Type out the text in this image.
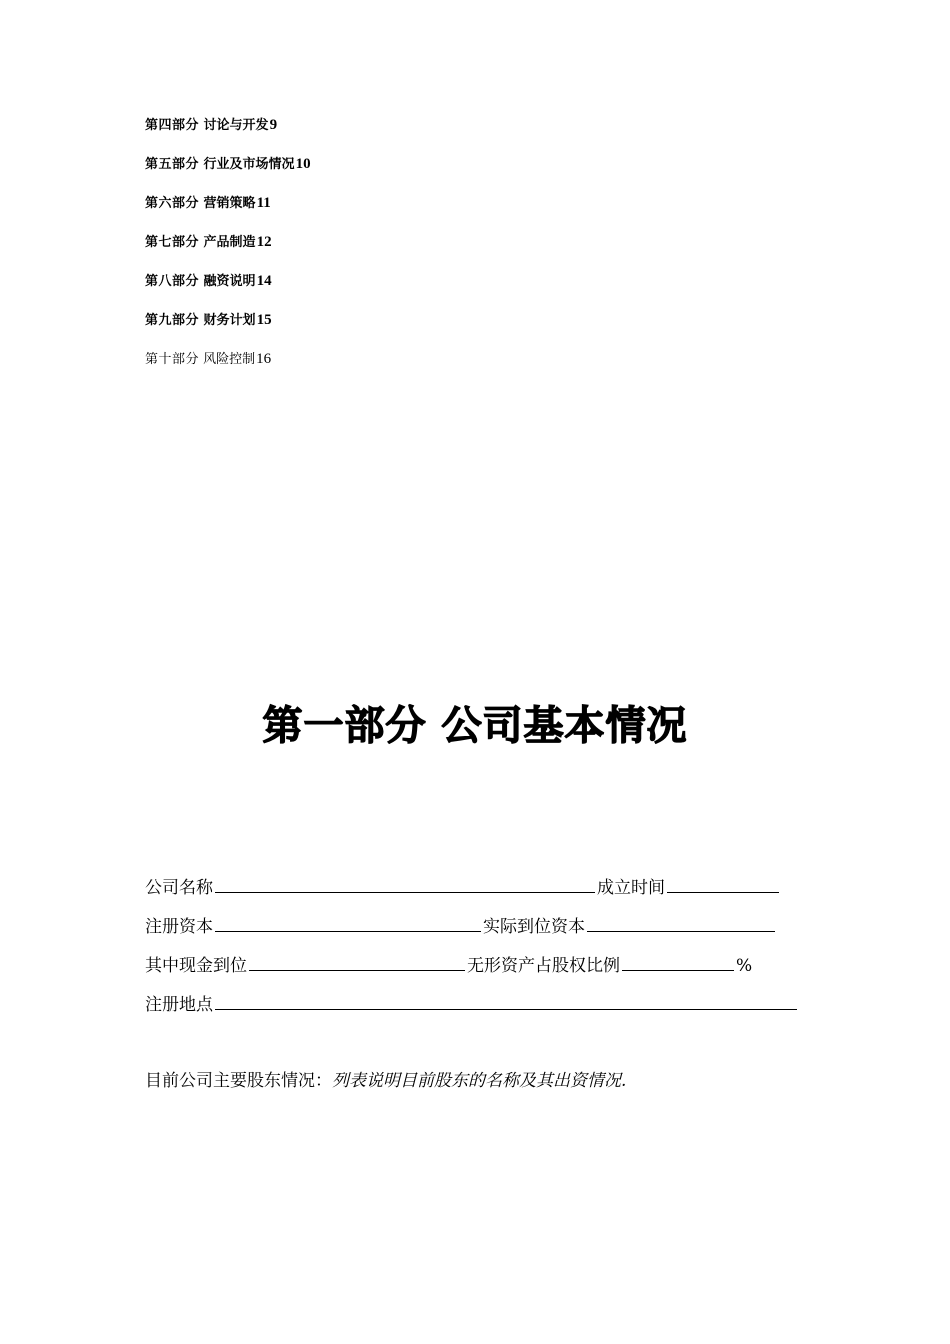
第四部分 讨论与开发9
第五部分 行业及市场情况10
第六部分 营销策略11
第七部分 产品制造12
第八部分 融资说明14
第九部分 财务计划15
第十部分 风险控制16
第一部分 公司基本情况
公司名称	成立时间
注册资本	实际到位资本
其中现金到位	无形资产占股权比例	%
注册地点
目前公司主要股东情况：列表说明目前股东的名称及其出资情况.
